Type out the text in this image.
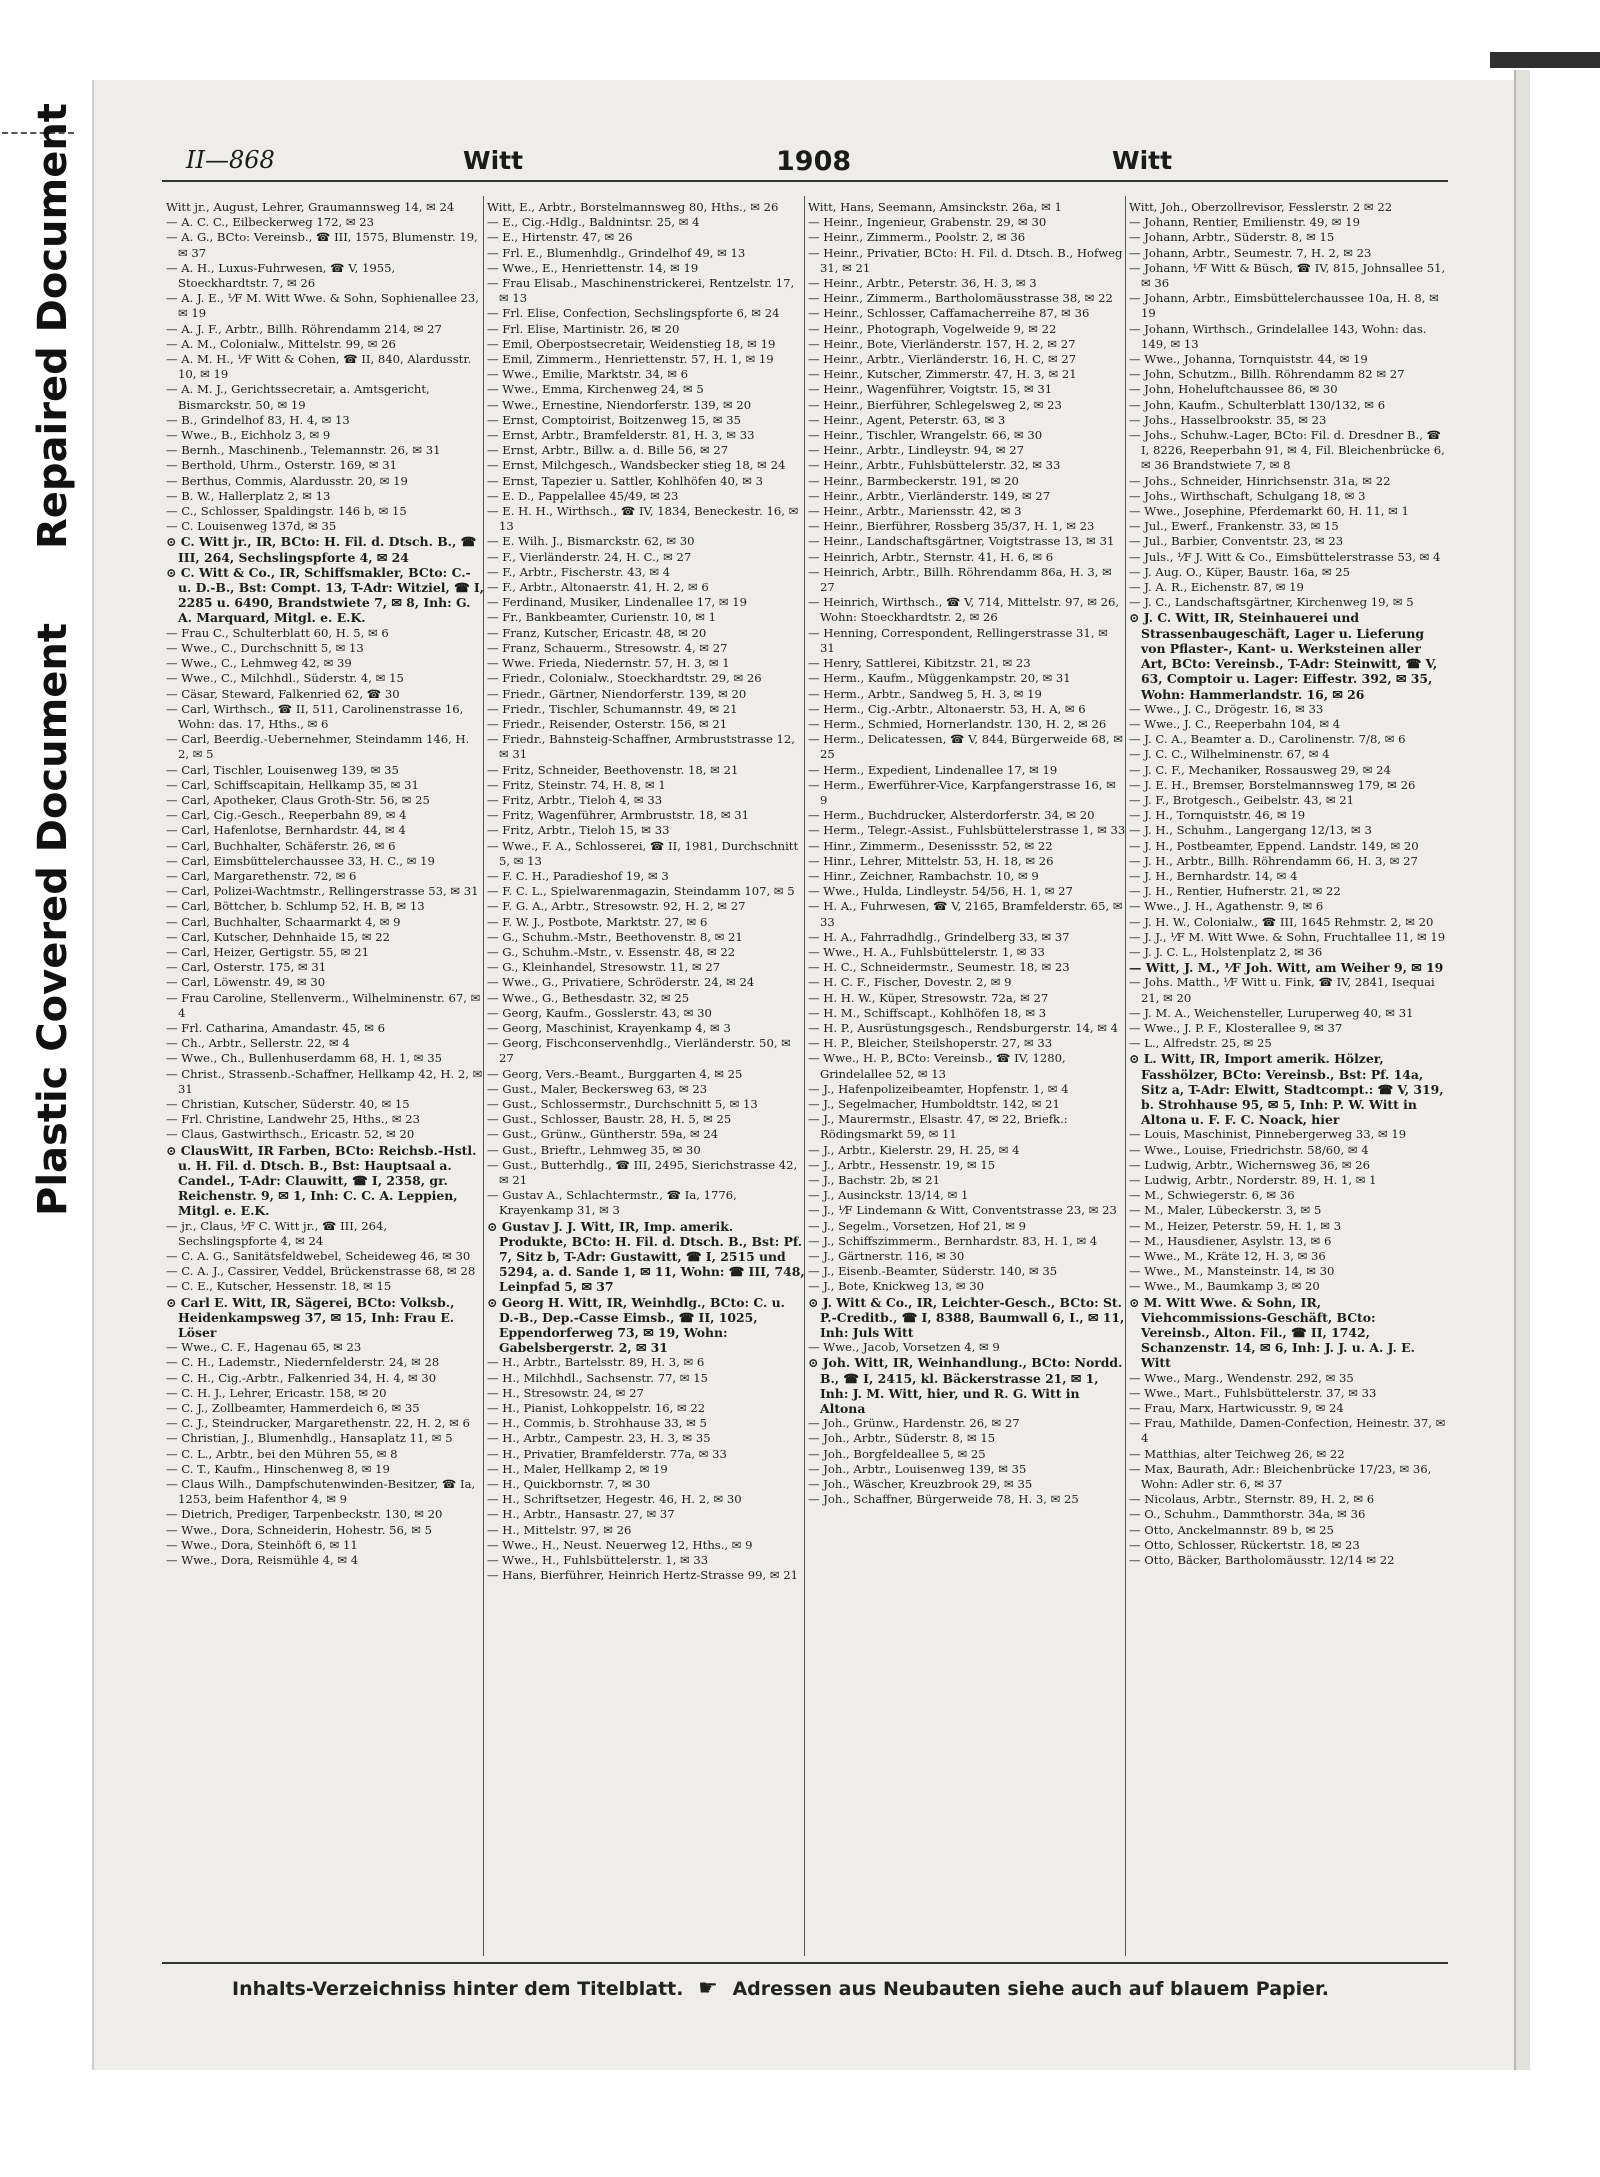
Plastic Covered Document Repaired Document	II—868	Witt	1908	Witt

Witt jr., August, Lehrer, Graumannsweg 14, ✉ 24

— A. C. C., Eilbeckerweg 172, ✉ 23

— A. G., BCto: Vereinsb., ☎ III, 1575, Blumenstr. 19, ✉ 37

— A. H., Luxus-Fuhrwesen, ☎ V, 1955, Stoeckhardtstr. 7, ✉ 26

— A. J. E., ⅟F M. Witt Wwe. & Sohn, Sophienallee 23, ✉ 19

— A. J. F., Arbtr., Billh. Röhrendamm 214, ✉ 27

— A. M., Colonialw., Mittelstr. 99, ✉ 26

— A. M. H., ⅟F Witt & Cohen, ☎ II, 840, Alardusstr. 10, ✉ 19

— A. M. J., Gerichtssecretair, a. Amtsgericht, Bismarckstr. 50, ✉ 19

— B., Grindelhof 83, H. 4, ✉ 13

— Wwe., B., Eichholz 3, ✉ 9

— Bernh., Maschinenb., Telemannstr. 26, ✉ 31

— Berthold, Uhrm., Osterstr. 169, ✉ 31

— Berthus, Commis, Alardusstr. 20, ✉ 19

— B. W., Hallerplatz 2, ✉ 13

— C., Schlosser, Spaldingstr. 146 b, ✉ 15

— C. Louisenweg 137d, ✉ 35

⊙ C. Witt jr., IR, BCto: H. Fil. d. Dtsch. B., ☎ III, 264, Sechslingspforte 4, ✉ 24

⊙ C. Witt & Co., IR, Schiffsmakler, BCto: C.- u. D.-B., Bst: Compt. 13, T-Adr: Witziel, ☎ I, 2285 u. 6490, Brandstwiete 7, ✉ 8, Inh: G. A. Marquard, Mitgl. e. E.K.

— Frau C., Schulterblatt 60, H. 5, ✉ 6

— Wwe., C., Durchschnitt 5, ✉ 13

— Wwe., C., Lehmweg 42, ✉ 39

— Wwe., C., Milchhdl., Süderstr. 4, ✉ 15

— Cäsar, Steward, Falkenried 62, ☎ 30

— Carl, Wirthsch., ☎ II, 511, Carolinenstrasse 16, Wohn: das. 17, Hths., ✉ 6

— Carl, Beerdig.-Uebernehmer, Steindamm 146, H. 2, ✉ 5

— Carl, Tischler, Louisenweg 139, ✉ 35

— Carl, Schiffscapitain, Hellkamp 35, ✉ 31

— Carl, Apotheker, Claus Groth-Str. 56, ✉ 25

— Carl, Cig.-Gesch., Reeperbahn 89, ✉ 4

— Carl, Hafenlotse, Bernhardstr. 44, ✉ 4

— Carl, Buchhalter, Schäferstr. 26, ✉ 6

— Carl, Eimsbüttelerchaussee 33, H. C., ✉ 19

— Carl, Margarethenstr. 72, ✉ 6

— Carl, Polizei-Wachtmstr., Rellingerstrasse 53, ✉ 31

— Carl, Böttcher, b. Schlump 52, H. B, ✉ 13

— Carl, Buchhalter, Schaarmarkt 4, ✉ 9

— Carl, Kutscher, Dehnhaide 15, ✉ 22

— Carl, Heizer, Gertigstr. 55, ✉ 21

— Carl, Osterstr. 175, ✉ 31

— Carl, Löwenstr. 49, ✉ 30

— Frau Caroline, Stellenverm., Wilhelminenstr. 67, ✉ 4

— Frl. Catharina, Amandastr. 45, ✉ 6

— Ch., Arbtr., Sellerstr. 22, ✉ 4

— Wwe., Ch., Bullenhuserdamm 68, H. 1, ✉ 35

— Christ., Strassenb.-Schaffner, Hellkamp 42, H. 2, ✉ 31

— Christian, Kutscher, Süderstr. 40, ✉ 15

— Frl. Christine, Landwehr 25, Hths., ✉ 23

— Claus, Gastwirthsch., Ericastr. 52, ✉ 20

⊙ ClausWitt, IR Farben, BCto: Reichsb.-Hstl. u. H. Fil. d. Dtsch. B., Bst: Hauptsaal a. Candel., T-Adr: Clauwitt, ☎ I, 2358, gr. Reichenstr. 9, ✉ 1, Inh: C. C. A. Leppien, Mitgl. e. E.K.

— jr., Claus, ⅟F C. Witt jr., ☎ III, 264, Sechslingspforte 4, ✉ 24

— C. A. G., Sanitätsfeldwebel, Scheideweg 46, ✉ 30

— C. A. J., Cassirer, Veddel, Brückenstrasse 68, ✉ 28

— C. E., Kutscher, Hessenstr. 18, ✉ 15

⊙ Carl E. Witt, IR, Sägerei, BCto: Volksb., Heidenkampsweg 37, ✉ 15, Inh: Frau E. Löser

— Wwe., C. F., Hagenau 65, ✉ 23

— C. H., Lademstr., Niedernfelderstr. 24, ✉ 28

— C. H., Cig.-Arbtr., Falkenried 34, H. 4, ✉ 30

— C. H. J., Lehrer, Ericastr. 158, ✉ 20

— C. J., Zollbeamter, Hammerdeich 6, ✉ 35

— C. J., Steindrucker, Margarethenstr. 22, H. 2, ✉ 6

— Christian, J., Blumenhdlg., Hansaplatz 11, ✉ 5

— C. L., Arbtr., bei den Mühren 55, ✉ 8

— C. T., Kaufm., Hinschenweg 8, ✉ 19

— Claus Wilh., Dampfschutenwinden-Besitzer, ☎ Ia, 1253, beim Hafenthor 4, ✉ 9

— Dietrich, Prediger, Tarpenbeckstr. 130, ✉ 20

— Wwe., Dora, Schneiderin, Hohestr. 56, ✉ 5

— Wwe., Dora, Steinhöft 6, ✉ 11

— Wwe., Dora, Reismühle 4, ✉ 4

Witt, E., Arbtr., Borstelmannsweg 80, Hths., ✉ 26

— E., Cig.-Hdlg., Baldnintsr. 25, ✉ 4

— E., Hirtenstr. 47, ✉ 26

— Frl. E., Blumenhdlg., Grindelhof 49, ✉ 13

— Wwe., E., Henriettenstr. 14, ✉ 19

— Frau Elisab., Maschinenstrickerei, Rentzelstr. 17, ✉ 13

— Frl. Elise, Confection, Sechslingspforte 6, ✉ 24

— Frl. Elise, Martinistr. 26, ✉ 20

— Emil, Oberpostsecretair, Weidenstieg 18, ✉ 19

— Emil, Zimmerm., Henriettenstr. 57, H. 1, ✉ 19

— Wwe., Emilie, Marktstr. 34, ✉ 6

— Wwe., Emma, Kirchenweg 24, ✉ 5

— Wwe., Ernestine, Niendorferstr. 139, ✉ 20

— Ernst, Comptoirist, Boitzenweg 15, ✉ 35

— Ernst, Arbtr., Bramfelderstr. 81, H. 3, ✉ 33

— Ernst, Arbtr., Billw. a. d. Bille 56, ✉ 27

— Ernst, Milchgesch., Wandsbecker stieg 18, ✉ 24

— Ernst, Tapezier u. Sattler, Kohlhöfen 40, ✉ 3

— E. D., Pappelallee 45/49, ✉ 23

— E. H. H., Wirthsch., ☎ IV, 1834, Beneckestr. 16, ✉ 13

— E. Wilh. J., Bismarckstr. 62, ✉ 30

— F., Vierländerstr. 24, H. C., ✉ 27

— F., Arbtr., Fischerstr. 43, ✉ 4

— F., Arbtr., Altonaerstr. 41, H. 2, ✉ 6

— Ferdinand, Musiker, Lindenallee 17, ✉ 19

— Fr., Bankbeamter, Curienstr. 10, ✉ 1

— Franz, Kutscher, Ericastr. 48, ✉ 20

— Franz, Schauerm., Stresowstr. 4, ✉ 27

— Wwe. Frieda, Niedernstr. 57, H. 3, ✉ 1

— Friedr., Colonialw., Stoeckhardtstr. 29, ✉ 26

— Friedr., Gärtner, Niendorferstr. 139, ✉ 20

— Friedr., Tischler, Schumannstr. 49, ✉ 21

— Friedr., Reisender, Osterstr. 156, ✉ 21

— Friedr., Bahnsteig-Schaffner, Armbruststrasse 12, ✉ 31

— Fritz, Schneider, Beethovenstr. 18, ✉ 21

— Fritz, Steinstr. 74, H. 8, ✉ 1

— Fritz, Arbtr., Tieloh 4, ✉ 33

— Fritz, Wagenführer, Armbruststr. 18, ✉ 31

— Fritz, Arbtr., Tieloh 15, ✉ 33

— Wwe., F. A., Schlosserei, ☎ II, 1981, Durchschnitt 5, ✉ 13

— F. C. H., Paradieshof 19, ✉ 3

— F. C. L., Spielwarenmagazin, Steindamm 107, ✉ 5

— F. G. A., Arbtr., Stresowstr. 92, H. 2, ✉ 27

— F. W. J., Postbote, Marktstr. 27, ✉ 6

— G., Schuhm.-Mstr., Beethovenstr. 8, ✉ 21

— G., Schuhm.-Mstr., v. Essenstr. 48, ✉ 22

— G., Kleinhandel, Stresowstr. 11, ✉ 27

— Wwe., G., Privatiere, Schröderstr. 24, ✉ 24

— Wwe., G., Bethesdastr. 32, ✉ 25

— Georg, Kaufm., Gosslerstr. 43, ✉ 30

— Georg, Maschinist, Krayenkamp 4, ✉ 3

— Georg, Fischconservenhdlg., Vierländerstr. 50, ✉ 27

— Georg, Vers.-Beamt., Burggarten 4, ✉ 25

— Gust., Maler, Beckersweg 63, ✉ 23

— Gust., Schlossermstr., Durchschnitt 5, ✉ 13

— Gust., Schlosser, Baustr. 28, H. 5, ✉ 25

— Gust., Grünw., Güntherstr. 59a, ✉ 24

— Gust., Brieftr., Lehmweg 35, ✉ 30

— Gust., Butterhdlg., ☎ III, 2495, Sierichstrasse 42, ✉ 21

— Gustav A., Schlachtermstr., ☎ Ia, 1776, Krayenkamp 31, ✉ 3

⊙ Gustav J. J. Witt, IR, Imp. amerik. Produkte, BCto: H. Fil. d. Dtsch. B., Bst: Pf. 7, Sitz b, T-Adr: Gustawitt, ☎ I, 2515 und 5294, a. d. Sande 1, ✉ 11, Wohn: ☎ III, 748, Leinpfad 5, ✉ 37

⊙ Georg H. Witt, IR, Weinhdlg., BCto: C. u. D.-B., Dep.-Casse Eimsb., ☎ II, 1025, Eppendorferweg 73, ✉ 19, Wohn: Gabelsbergerstr. 2, ✉ 31

— H., Arbtr., Bartelsstr. 89, H. 3, ✉ 6

— H., Milchhdl., Sachsenstr. 77, ✉ 15

— H., Stresowstr. 24, ✉ 27

— H., Pianist, Lohkoppelstr. 16, ✉ 22

— H., Commis, b. Strohhause 33, ✉ 5

— H., Arbtr., Campestr. 23, H. 3, ✉ 35

— H., Privatier, Bramfelderstr. 77a, ✉ 33

— H., Maler, Hellkamp 2, ✉ 19

— H., Quickbornstr. 7, ✉ 30

— H., Schriftsetzer, Hegestr. 46, H. 2, ✉ 30

— H., Arbtr., Hansastr. 27, ✉ 37

— H., Mittelstr. 97, ✉ 26

— Wwe., H., Neust. Neuerweg 12, Hths., ✉ 9

— Wwe., H., Fuhlsbüttelerstr. 1, ✉ 33

— Hans, Bierführer, Heinrich Hertz-Strasse 99, ✉ 21

Witt, Hans, Seemann, Amsinckstr. 26a, ✉ 1

— Heinr., Ingenieur, Grabenstr. 29, ✉ 30

— Heinr., Zimmerm., Poolstr. 2, ✉ 36

— Heinr., Privatier, BCto: H. Fil. d. Dtsch. B., Hofweg 31, ✉ 21

— Heinr., Arbtr., Peterstr. 36, H. 3, ✉ 3

— Heinr., Zimmerm., Bartholomäusstrasse 38, ✉ 22

— Heinr., Schlosser, Caffamacherreihe 87, ✉ 36

— Heinr., Photograph, Vogelweide 9, ✉ 22

— Heinr., Bote, Vierländerstr. 157, H. 2, ✉ 27

— Heinr., Arbtr., Vierländerstr. 16, H. C, ✉ 27

— Heinr., Kutscher, Zimmerstr. 47, H. 3, ✉ 21

— Heinr., Wagenführer, Voigtstr. 15, ✉ 31

— Heinr., Bierführer, Schlegelsweg 2, ✉ 23

— Heinr., Agent, Peterstr. 63, ✉ 3

— Heinr., Tischler, Wrangelstr. 66, ✉ 30

— Heinr., Arbtr., Lindleystr. 94, ✉ 27

— Heinr., Arbtr., Fuhlsbüttelerstr. 32, ✉ 33

— Heinr., Barmbeckerstr. 191, ✉ 20

— Heinr., Arbtr., Vierländerstr. 149, ✉ 27

— Heinr., Arbtr., Mariensstr. 42, ✉ 3

— Heinr., Bierführer, Rossberg 35/37, H. 1, ✉ 23

— Heinr., Landschaftsgärtner, Voigtstrasse 13, ✉ 31

— Heinrich, Arbtr., Sternstr. 41, H. 6, ✉ 6

— Heinrich, Arbtr., Billh. Röhrendamm 86a, H. 3, ✉ 27

— Heinrich, Wirthsch., ☎ V, 714, Mittelstr. 97, ✉ 26, Wohn: Stoeckhardtstr. 2, ✉ 26

— Henning, Correspondent, Rellingerstrasse 31, ✉ 31

— Henry, Sattlerei, Kibitzstr. 21, ✉ 23

— Herm., Kaufm., Müggenkampstr. 20, ✉ 31

— Herm., Arbtr., Sandweg 5, H. 3, ✉ 19

— Herm., Cig.-Arbtr., Altonaerstr. 53, H. A, ✉ 6

— Herm., Schmied, Hornerlandstr. 130, H. 2, ✉ 26

— Herm., Delicatessen, ☎ V, 844, Bürgerweide 68, ✉ 25

— Herm., Expedient, Lindenallee 17, ✉ 19

— Herm., Ewerführer-Vice, Karpfangerstrasse 16, ✉ 9

— Herm., Buchdrucker, Alsterdorferstr. 34, ✉ 20

— Herm., Telegr.-Assist., Fuhlsbüttelerstrasse 1, ✉ 33

— Hinr., Zimmerm., Desenissstr. 52, ✉ 22

— Hinr., Lehrer, Mittelstr. 53, H. 18, ✉ 26

— Hinr., Zeichner, Rambachstr. 10, ✉ 9

— Wwe., Hulda, Lindleystr. 54/56, H. 1, ✉ 27

— H. A., Fuhrwesen, ☎ V, 2165, Bramfelderstr. 65, ✉ 33

— H. A., Fahrradhdlg., Grindelberg 33, ✉ 37

— Wwe., H. A., Fuhlsbüttelerstr. 1, ✉ 33

— H. C., Schneidermstr., Seumestr. 18, ✉ 23

— H. C. F., Fischer, Dovestr. 2, ✉ 9

— H. H. W., Küper, Stresowstr. 72a, ✉ 27

— H. M., Schiffscapt., Kohlhöfen 18, ✉ 3

— H. P., Ausrüstungsgesch., Rendsburgerstr. 14, ✉ 4

— H. P., Bleicher, Steilshoperstr. 27, ✉ 33

— Wwe., H. P., BCto: Vereinsb., ☎ IV, 1280, Grindelallee 52, ✉ 13

— J., Hafenpolizeibeamter, Hopfenstr. 1, ✉ 4

— J., Segelmacher, Humboldtstr. 142, ✉ 21

— J., Maurermstr., Elsastr. 47, ✉ 22, Briefk.: Rödingsmarkt 59, ✉ 11

— J., Arbtr., Kielerstr. 29, H. 25, ✉ 4

— J., Arbtr., Hessenstr. 19, ✉ 15

— J., Bachstr. 2b, ✉ 21

— J., Ausinckstr. 13/14, ✉ 1

— J., ⅟F Lindemann & Witt, Conventstrasse 23, ✉ 23

— J., Segelm., Vorsetzen, Hof 21, ✉ 9

— J., Schiffszimmerm., Bernhardstr. 83, H. 1, ✉ 4

— J., Gärtnerstr. 116, ✉ 30

— J., Eisenb.-Beamter, Süderstr. 140, ✉ 35

— J., Bote, Knickweg 13, ✉ 30

⊙ J. Witt & Co., IR, Leichter-Gesch., BCto: St. P.-Creditb., ☎ I, 8388, Baumwall 6, I., ✉ 11, Inh: Juls Witt

— Wwe., Jacob, Vorsetzen 4, ✉ 9

⊙ Joh. Witt, IR, Weinhandlung., BCto: Nordd. B., ☎ I, 2415, kl. Bäckerstrasse 21, ✉ 1, Inh: J. M. Witt, hier, und R. G. Witt in Altona

— Joh., Grünw., Hardenstr. 26, ✉ 27

— Joh., Arbtr., Süderstr. 8, ✉ 15

— Joh., Borgfeldeallee 5, ✉ 25

— Joh., Arbtr., Louisenweg 139, ✉ 35

— Joh., Wäscher, Kreuzbrook 29, ✉ 35

— Joh., Schaffner, Bürgerweide 78, H. 3, ✉ 25

Witt, Joh., Oberzollrevisor, Fesslerstr. 2 ✉ 22

— Johann, Rentier, Emilienstr. 49, ✉ 19

— Johann, Arbtr., Süderstr. 8, ✉ 15

— Johann, Arbtr., Seumestr. 7, H. 2, ✉ 23

— Johann, ⅟F Witt & Büsch, ☎ IV, 815, Johnsallee 51, ✉ 36

— Johann, Arbtr., Eimsbüttelerchaussee 10a, H. 8, ✉ 19

— Johann, Wirthsch., Grindelallee 143, Wohn: das. 149, ✉ 13

— Wwe., Johanna, Tornquiststr. 44, ✉ 19

— John, Schutzm., Billh. Röhrendamm 82 ✉ 27

— John, Hoheluftchaussee 86, ✉ 30

— John, Kaufm., Schulterblatt 130/132, ✉ 6

— Johs., Hasselbrookstr. 35, ✉ 23

— Johs., Schuhw.-Lager, BCto: Fil. d. Dresdner B., ☎ I, 8226, Reeperbahn 91, ✉ 4, Fil. Bleichenbrücke 6, ✉ 36 Brandstwiete 7, ✉ 8

— Johs., Schneider, Hinrichsenstr. 31a, ✉ 22

— Johs., Wirthschaft, Schulgang 18, ✉ 3

— Wwe., Josephine, Pferdemarkt 60, H. 11, ✉ 1

— Jul., Ewerf., Frankenstr. 33, ✉ 15

— Jul., Barbier, Conventstr. 23, ✉ 23

— Juls., ⅟F J. Witt & Co., Eimsbüttelerstrasse 53, ✉ 4

— J. Aug. O., Küper, Baustr. 16a, ✉ 25

— J. A. R., Eichenstr. 87, ✉ 19

— J. C., Landschaftsgärtner, Kirchenweg 19, ✉ 5

⊙ J. C. Witt, IR, Steinhauerei und Strassenbaugeschäft, Lager u. Lieferung von Pflaster-, Kant- u. Werksteinen aller Art, BCto: Vereinsb., T-Adr: Steinwitt, ☎ V, 63, Comptoir u. Lager: Eiffestr. 392, ✉ 35, Wohn: Hammerlandstr. 16, ✉ 26

— Wwe., J. C., Drögestr. 16, ✉ 33

— Wwe., J. C., Reeperbahn 104, ✉ 4

— J. C. A., Beamter a. D., Carolinenstr. 7/8, ✉ 6

— J. C. C., Wilhelminenstr. 67, ✉ 4

— J. C. F., Mechaniker, Rossausweg 29, ✉ 24

— J. E. H., Bremser, Borstelmannsweg 179, ✉ 26

— J. F., Brotgesch., Geibelstr. 43, ✉ 21

— J. H., Tornquiststr. 46, ✉ 19

— J. H., Schuhm., Langergang 12/13, ✉ 3

— J. H., Postbeamter, Eppend. Landstr. 149, ✉ 20

— J. H., Arbtr., Billh. Röhrendamm 66, H. 3, ✉ 27

— J. H., Bernhardstr. 14, ✉ 4

— J. H., Rentier, Hufnerstr. 21, ✉ 22

— Wwe., J. H., Agathenstr. 9, ✉ 6

— J. H. W., Colonialw., ☎ III, 1645 Rehmstr. 2, ✉ 20

— J. J., ⅟F M. Witt Wwe. & Sohn, Fruchtallee 11, ✉ 19

— J. J. C. L., Holstenplatz 2, ✉ 36

— Witt, J. M., ⅟F Joh. Witt, am Weiher 9, ✉ 19

— Johs. Matth., ⅟F Witt u. Fink, ☎ IV, 2841, Isequai 21, ✉ 20

— J. M. A., Weichensteller, Luruperweg 40, ✉ 31

— Wwe., J. P. F., Klosterallee 9, ✉ 37

— L., Alfredstr. 25, ✉ 25

⊙ L. Witt, IR, Import amerik. Hölzer, Fasshölzer, BCto: Vereinsb., Bst: Pf. 14a, Sitz a, T-Adr: Elwitt, Stadtcompt.: ☎ V, 319, b. Strohhause 95, ✉ 5, Inh: P. W. Witt in Altona u. F. F. C. Noack, hier

— Louis, Maschinist, Pinnebergerweg 33, ✉ 19

— Wwe., Louise, Friedrichstr. 58/60, ✉ 4

— Ludwig, Arbtr., Wichernsweg 36, ✉ 26

— Ludwig, Arbtr., Norderstr. 89, H. 1, ✉ 1

— M., Schwiegerstr. 6, ✉ 36

— M., Maler, Lübeckerstr. 3, ✉ 5

— M., Heizer, Peterstr. 59, H. 1, ✉ 3

— M., Hausdiener, Asylstr. 13, ✉ 6

— Wwe., M., Kräte 12, H. 3, ✉ 36

— Wwe., M., Mansteinstr. 14, ✉ 30

— Wwe., M., Baumkamp 3, ✉ 20

⊙ M. Witt Wwe. & Sohn, IR, Viehcommissions-Geschäft, BCto: Vereinsb., Alton. Fil., ☎ II, 1742, Schanzenstr. 14, ✉ 6, Inh: J. J. u. A. J. E. Witt

— Wwe., Marg., Wendenstr. 292, ✉ 35

— Wwe., Mart., Fuhlsbüttelerstr. 37, ✉ 33

— Frau, Marx, Hartwicusstr. 9, ✉ 24

— Frau, Mathilde, Damen-Confection, Heinestr. 37, ✉ 4

— Matthias, alter Teichweg 26, ✉ 22

— Max, Baurath, Adr.: Bleichenbrücke 17/23, ✉ 36, Wohn: Adler str. 6, ✉ 37

— Nicolaus, Arbtr., Sternstr. 89, H. 2, ✉ 6

— O., Schuhm., Dammthorstr. 34a, ✉ 36

— Otto, Anckelmannstr. 89 b, ✉ 25

— Otto, Schlosser, Rückertstr. 18, ✉ 23

— Otto, Bäcker, Bartholomäusstr. 12/14 ✉ 22

Inhalts-Verzeichniss hinter dem Titelblatt. ☛ Adressen aus Neubauten siehe auch auf blauem Papier.
